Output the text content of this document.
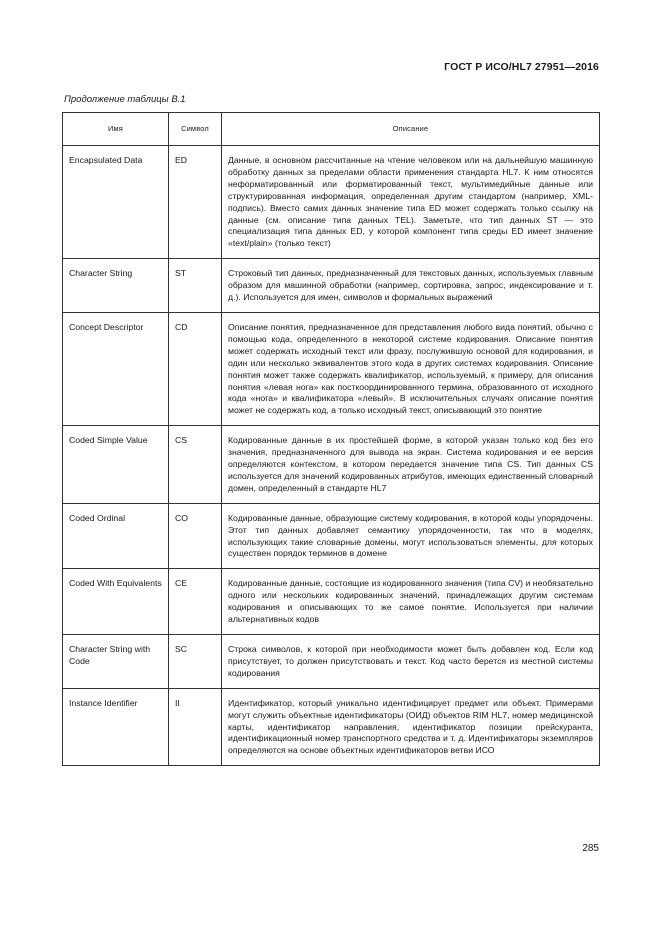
ГОСТ Р ИСО/HL7 27951—2016
Продолжение таблицы В.1
Имя	Символ	Описание
Encapsulated Data	ED	Данные, в основном рассчитанные на чтение человеком или на дальнейшую машинную обработку данных за пределами области применения стандарта HL7. К ним относятся неформатированный или форматированный текст, мультимедийные данные или структурированная информация, определенная другим стандартом (например, XML-подпись). Вместо самих данных значение типа ED может содержать только ссылку на данные (см. описание типа данных TEL). Заметьте, что тип данных ST — это специализация типа данных ED, у которой компонент типа среды ED имеет значение «text/plain» (только текст)
Character String	ST	Строковый тип данных, предназначенный для текстовых данных, используемых главным образом для машинной обработки (например, сортировка, запрос, индексирование и т. д.). Используется для имен, символов и формальных выражений
Concept Descriptor	CD	Описание понятия, предназначенное для представления любого вида понятий, обычно с помощью кода, определенного в некоторой системе кодирования. Описание понятия может содержать исходный текст или фразу, послужившую основой для кодирования, и один или несколько эквивалентов этого кода в других системах кодирования. Описание понятия может также содержать квалификатор, используемый, к примеру, для описания понятия «левая нога» как посткоординированного термина, образованного от исходного кода «нога» и квалификатора «левый». В исключительных случаях описание понятия может не содержать код, а только исходный текст, описывающий это понятие
Coded Simple Value	CS	Кодированные данные в их простейшей форме, в которой указан только код без его значения, предназначенного для вывода на экран. Система кодирования и ее версия определяются контекстом, в котором передается значение типа CS. Тип данных CS используется для значений кодированных атрибутов, имеющих единственный словарный домен, определенный в стандарте HL7
Coded Ordinal	CO	Кодированные данные, образующие систему кодирования, в которой коды упорядочены. Этот тип данных добавляет семантику упорядоченности, так что в моделях, использующих такие словарные домены, могут использоваться элементы, для которых существен порядок терминов в домене
Coded With Equivalents	CE	Кодированные данные, состоящие из кодированного значения (типа CV) и необязательно одного или нескольких кодированных значений, принадлежащих другим системам кодирования и описывающих то же самое понятие. Используется при наличии альтернативных кодов
Character String with Code	SC	Строка символов, к которой при необходимости может быть добавлен код. Если код присутствует, то должен присутствовать и текст. Код часто берется из местной системы кодирования
Instance Identifier	II	Идентификатор, который уникально идентифицирует предмет или объект. Примерами могут служить объектные идентификаторы (ОИД) объектов RIM HL7, номер медицинской карты, идентификатор направления, идентификатор позиции прейскуранта, идентификационный номер транспортного средства и т. д. Идентификаторы экземпляров определяются на основе объектных идентификаторов ветви ИСО
285
